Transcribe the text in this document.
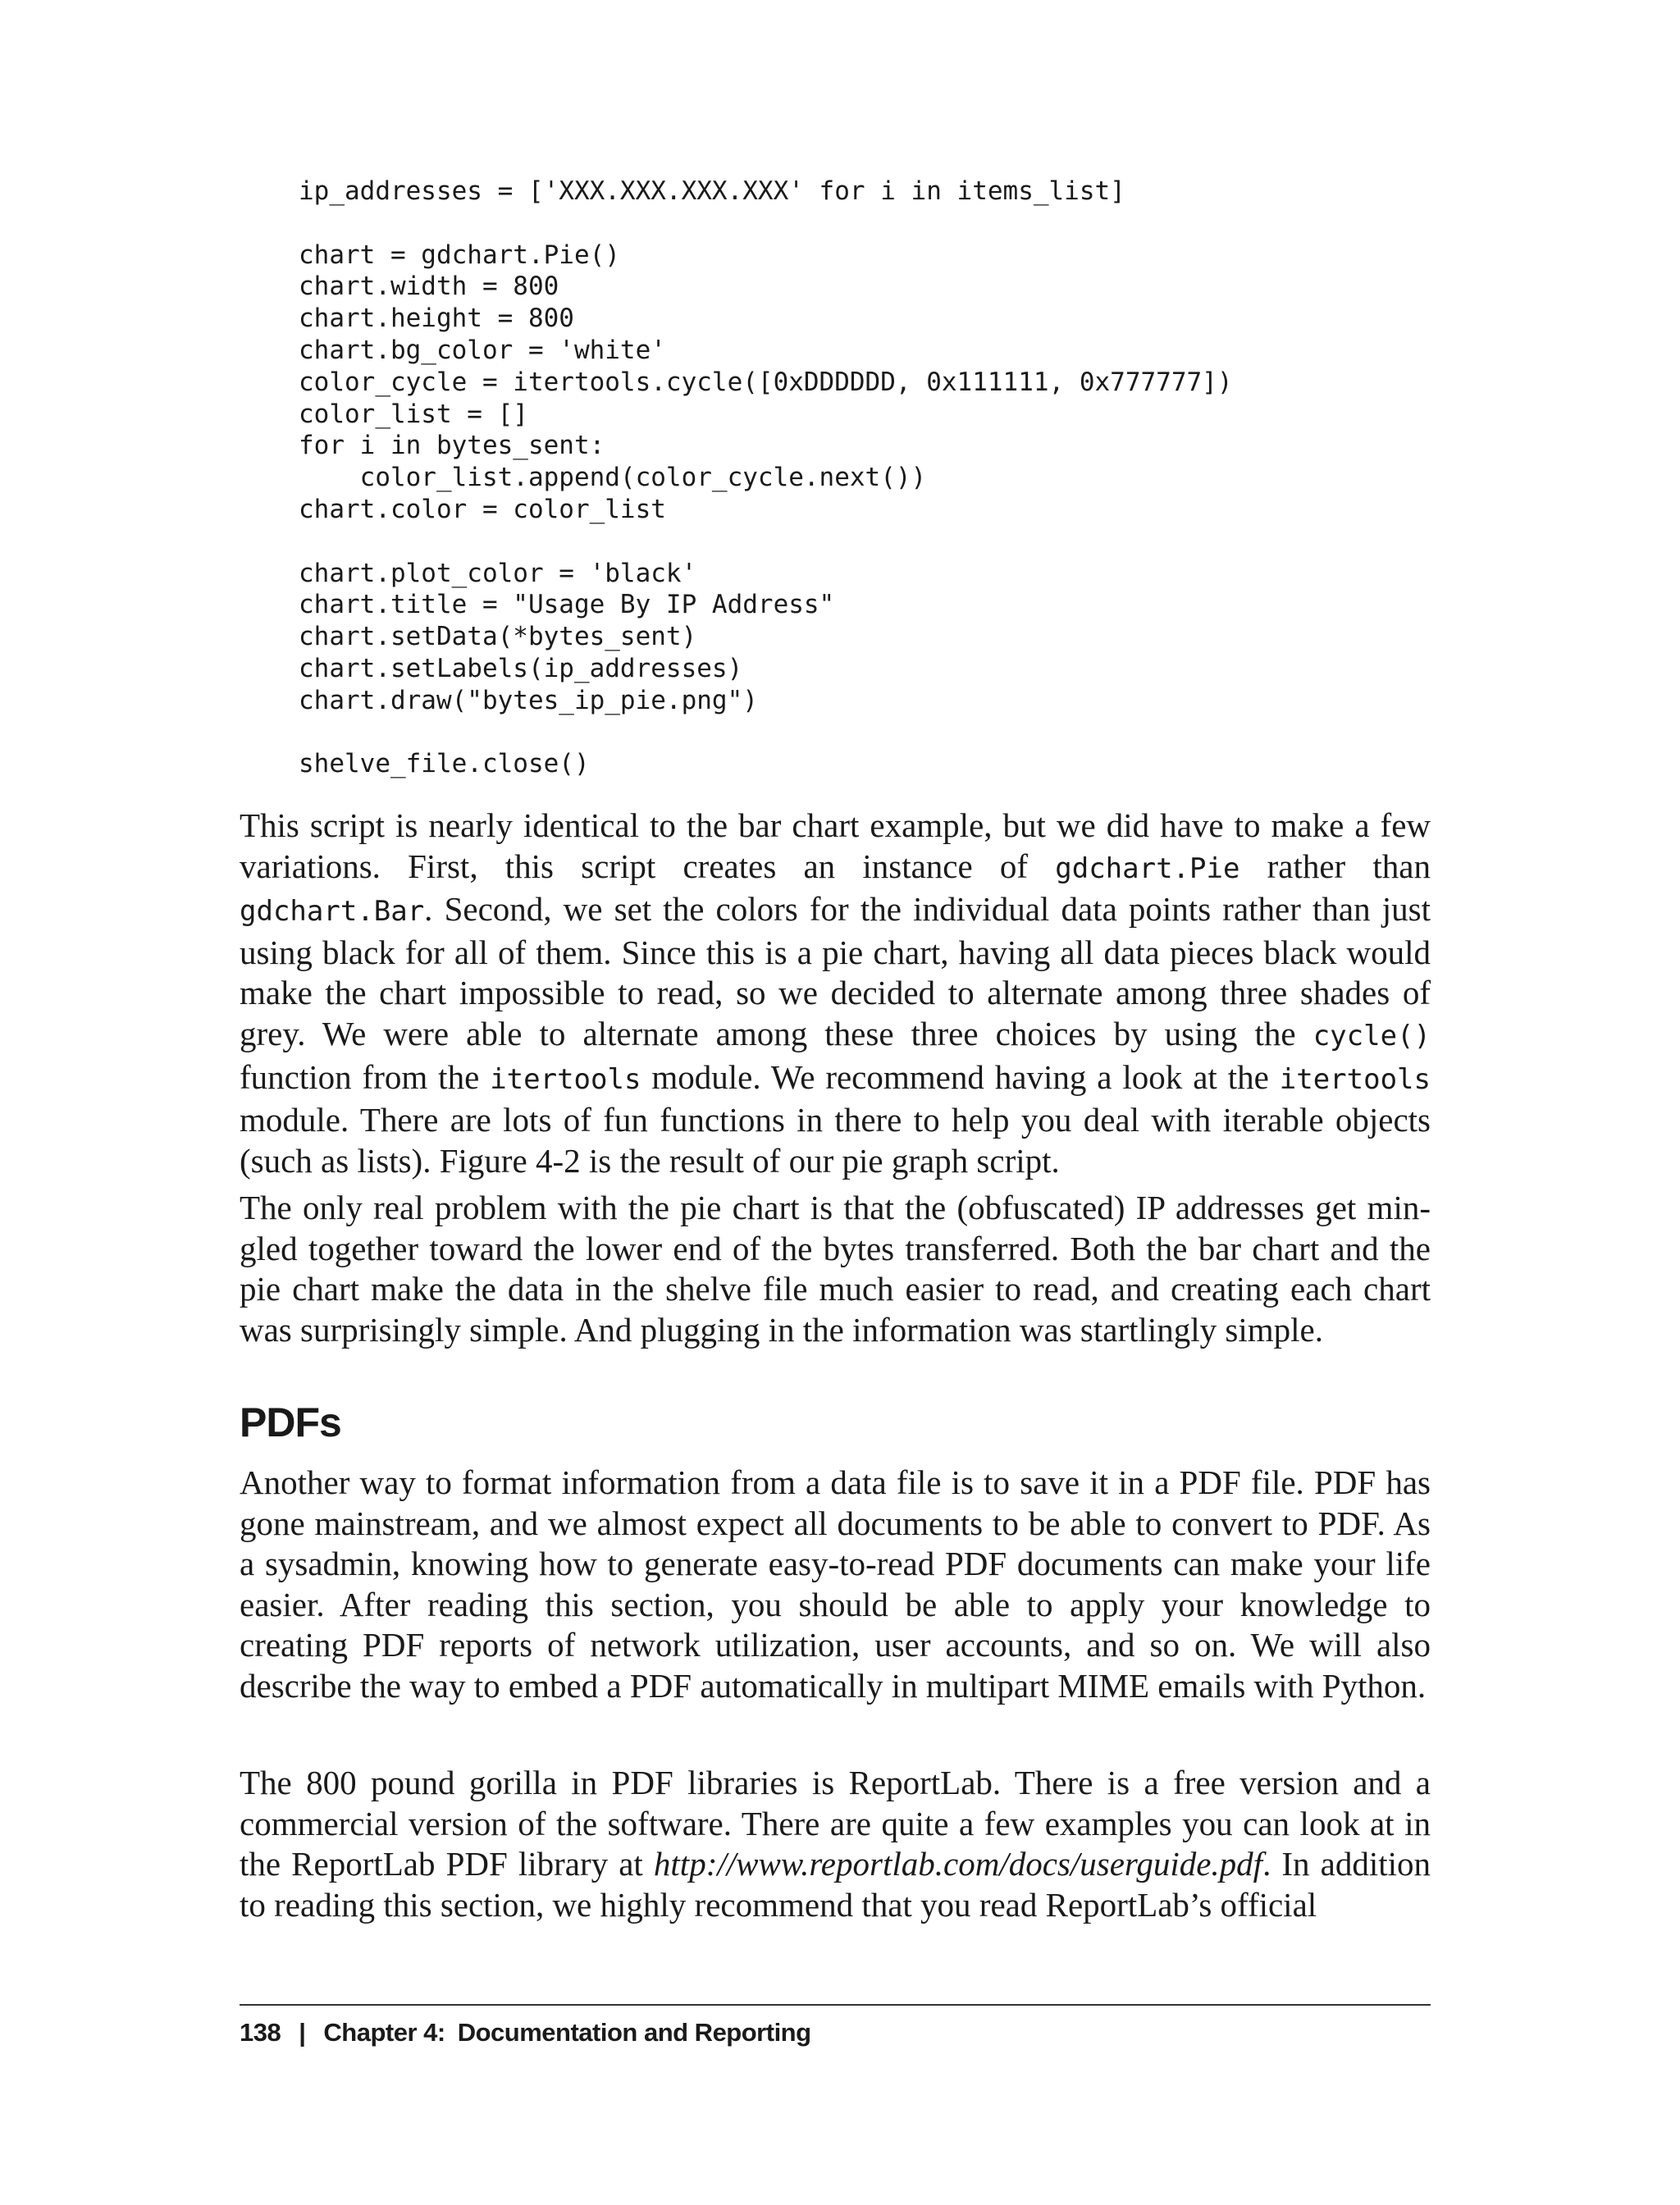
ip_addresses = ['XXX.XXX.XXX.XXX' for i in items_list]
chart = gdchart.Pie()
chart.width = 800
chart.height = 800
chart.bg_color = 'white'
color_cycle = itertools.cycle([0xDDDDDD, 0x111111, 0x777777])
color_list = []
for i in bytes_sent:
color_list.append(color_cycle.next())
chart.color = color_list
chart.plot_color = 'black'
chart.title = "Usage By IP Address"
chart.setData(*bytes_sent)
chart.setLabels(ip_addresses)
chart.draw("bytes_ip_pie.png")
shelve_file.close()

This script is nearly identical to the bar chart example, but we did have to make a few variations. First, this script creates an instance of gdchart.Pie rather than gdchart.Bar. Second, we set the colors for the individual data points rather than just using black for all of them. Since this is a pie chart, having all data pieces black would make the chart impossible to read, so we decided to alternate among three shades of grey. We were able to alternate among these three choices by using the cycle() function from the itertools module. We recommend having a look at the itertools module. There are lots of fun functions in there to help you deal with iterable objects (such as lists). Figure 4-2 is the result of our pie graph script.

The only real problem with the pie chart is that the (obfuscated) IP addresses get mingled together toward the lower end of the bytes transferred. Both the bar chart and the pie chart make the data in the shelve file much easier to read, and creating each chart was surprisingly simple. And plugging in the information was startlingly simple.

PDFs

Another way to format information from a data file is to save it in a PDF file. PDF has gone mainstream, and we almost expect all documents to be able to convert to PDF. As a sysadmin, knowing how to generate easy-to-read PDF documents can make your life easier. After reading this section, you should be able to apply your knowledge to creating PDF reports of network utilization, user accounts, and so on. We will also describe the way to embed a PDF automatically in multipart MIME emails with Python.

The 800 pound gorilla in PDF libraries is ReportLab. There is a free version and a commercial version of the software. There are quite a few examples you can look at in the ReportLab PDF library at http://www.reportlab.com/docs/userguide.pdf. In addition to reading this section, we highly recommend that you read ReportLab’s official

138 | Chapter 4: Documentation and Reporting
